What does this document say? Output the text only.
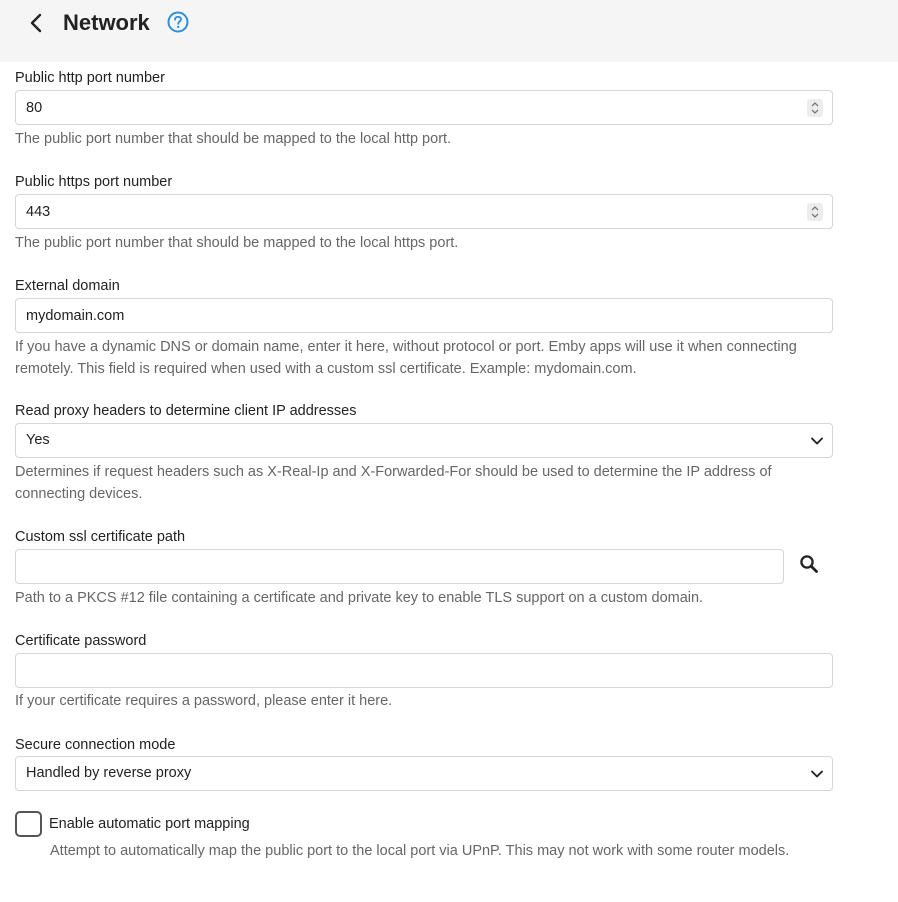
Network
Public http port number
80
The public port number that should be mapped to the local http port.
Public https port number
443
The public port number that should be mapped to the local https port.
External domain
mydomain.com
If you have a dynamic DNS or domain name, enter it here, without protocol or port. Emby apps will use it when connecting remotely. This field is required when used with a custom ssl certificate. Example: mydomain.com.
Read proxy headers to determine client IP addresses
Yes
Determines if request headers such as X-Real-Ip and X-Forwarded-For should be used to determine the IP address of connecting devices.
Custom ssl certificate path
Path to a PKCS #12 file containing a certificate and private key to enable TLS support on a custom domain.
Certificate password
If your certificate requires a password, please enter it here.
Secure connection mode
Handled by reverse proxy
Enable automatic port mapping
Attempt to automatically map the public port to the local port via UPnP. This may not work with some router models.
